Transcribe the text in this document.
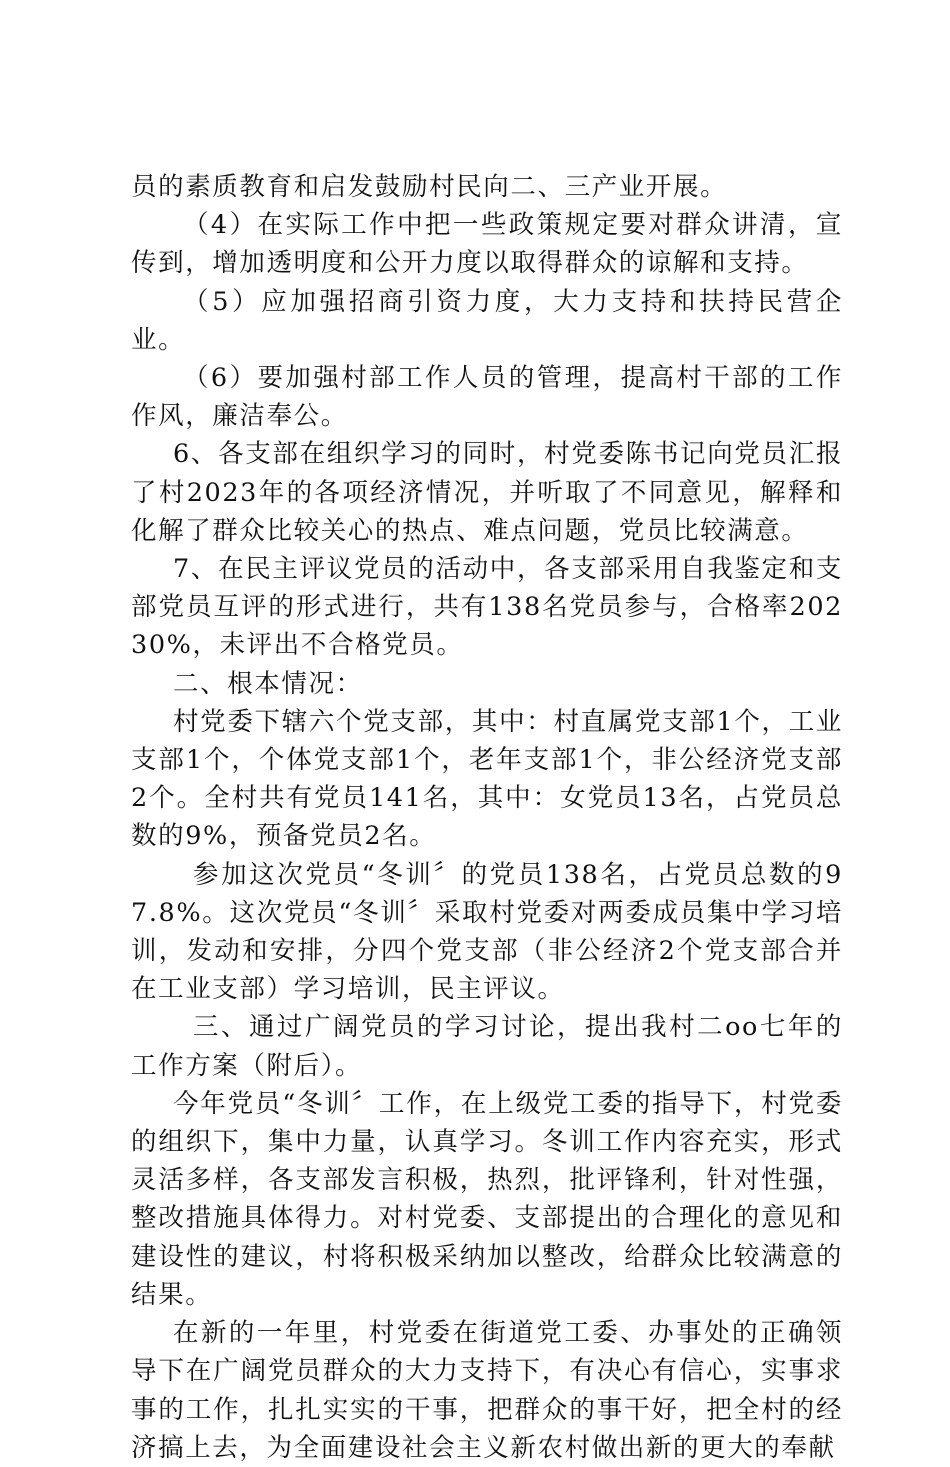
员的素质教育和启发鼓励村民向二、三产业开展。

（4）在实际工作中把一些政策规定要对群众讲清，宣传到，增加透明度和公开力度以取得群众的谅解和支持。

（5）应加强招商引资力度，大力支持和扶持民营企业。

（6）要加强村部工作人员的管理，提高村干部的工作作风，廉洁奉公。

6、各支部在组织学习的同时，村党委陈书记向党员汇报了村2023年的各项经济情况，并听取了不同意见，解释和化解了群众比较关心的热点、难点问题，党员比较满意。

7、在民主评议党员的活动中，各支部采用自我鉴定和支部党员互评的形式进行，共有138名党员参与，合格率20230%，未评出不合格党员。

二、根本情况：

村党委下辖六个党支部，其中：村直属党支部1个，工业支部1个，个体党支部1个，老年支部1个，非公经济党支部2个。全村共有党员141名，其中：女党员13名，占党员总数的9%，预备党员2名。

参加这次党员“冬训〞的党员138名，占党员总数的97.8%。这次党员“冬训〞采取村党委对两委成员集中学习培训，发动和安排，分四个党支部（非公经济2个党支部合并在工业支部）学习培训，民主评议。

三、通过广阔党员的学习讨论，提出我村二oo七年的工作方案（附后）。

今年党员“冬训〞工作，在上级党工委的指导下，村党委的组织下，集中力量，认真学习。冬训工作内容充实，形式灵活多样，各支部发言积极，热烈，批评锋利，针对性强，整改措施具体得力。对村党委、支部提出的合理化的意见和建设性的建议，村将积极采纳加以整改，给群众比较满意的结果。

在新的一年里，村党委在街道党工委、办事处的正确领导下在广阔党员群众的大力支持下，有决心有信心，实事求事的工作，扎扎实实的干事，把群众的事干好，把全村的经济搞上去，为全面建设社会主义新农村做出新的更大的奉献
